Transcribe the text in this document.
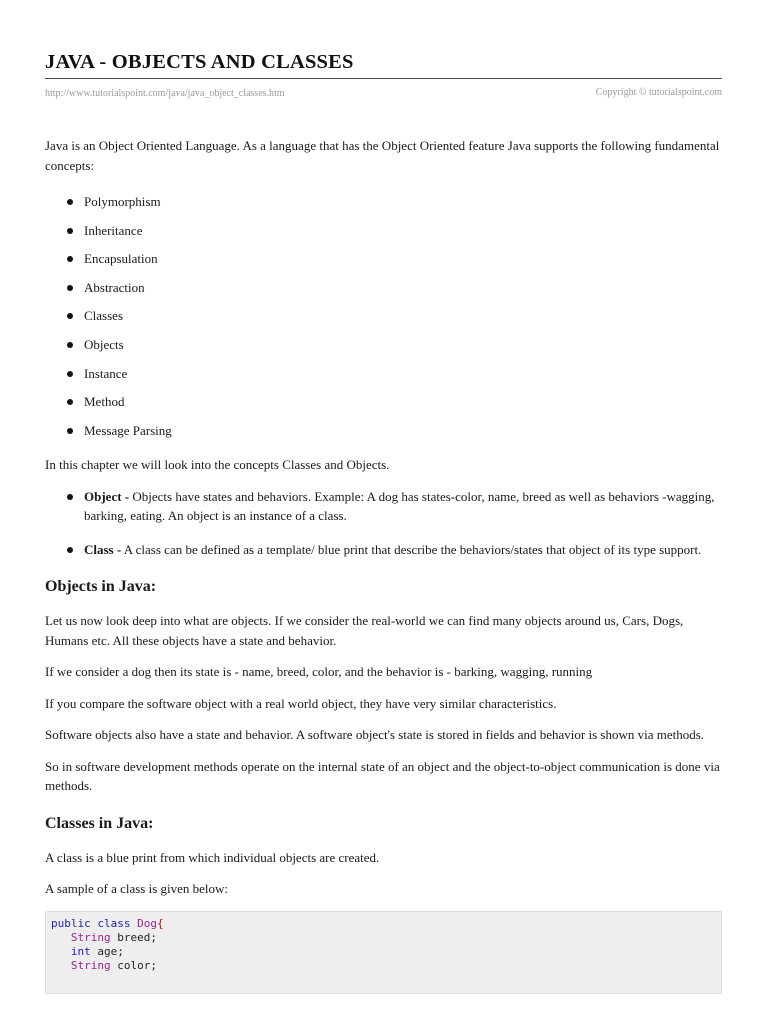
JAVA - OBJECTS AND CLASSES
http://www.tutorialspoint.com/java/java_object_classes.htm	Copyright © tutorialspoint.com

Java is an Object Oriented Language. As a language that has the Object Oriented feature Java supports the following fundamental concepts:

Polymorphism
Inheritance
Encapsulation
Abstraction
Classes
Objects
Instance
Method
Message Parsing

In this chapter we will look into the concepts Classes and Objects.

Object - Objects have states and behaviors. Example: A dog has states-color, name, breed as well as behaviors -wagging, barking, eating. An object is an instance of a class.
Class - A class can be defined as a template/ blue print that describe the behaviors/states that object of its type support.
Objects in Java:

Let us now look deep into what are objects. If we consider the real-world we can find many objects around us, Cars, Dogs, Humans etc. All these objects have a state and behavior.

If we consider a dog then its state is - name, breed, color, and the behavior is - barking, wagging, running

If you compare the software object with a real world object, they have very similar characteristics.

Software objects also have a state and behavior. A software object's state is stored in fields and behavior is shown via methods.

So in software development methods operate on the internal state of an object and the object-to-object communication is done via methods.

Classes in Java:

A class is a blue print from which individual objects are created.

A sample of a class is given below:

public class Dog{
String breed;
int age;
String color;
